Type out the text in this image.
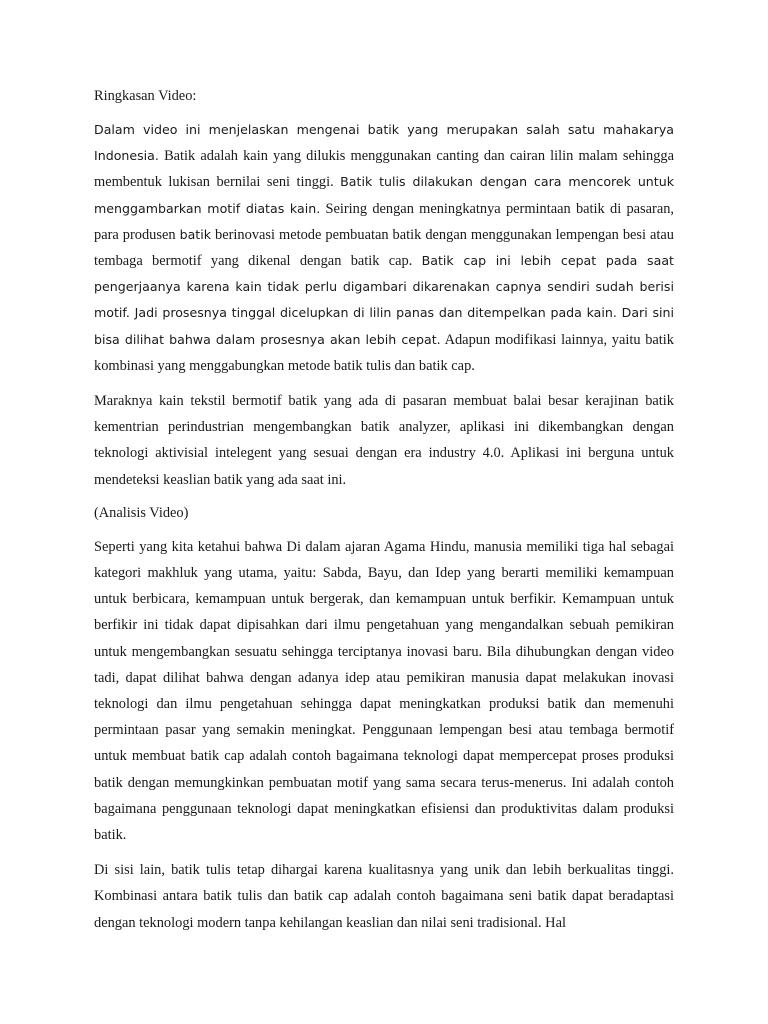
Ringkasan Video:

Dalam video ini menjelaskan mengenai batik yang merupakan salah satu mahakarya Indonesia. Batik adalah kain yang dilukis menggunakan canting dan cairan lilin malam sehingga membentuk lukisan bernilai seni tinggi. Batik tulis dilakukan dengan cara mencorek untuk menggambarkan motif diatas kain. Seiring dengan meningkatnya permintaan batik di pasaran, para produsen batik berinovasi metode pembuatan batik dengan menggunakan lempengan besi atau tembaga bermotif yang dikenal dengan batik cap. Batik cap ini lebih cepat pada saat pengerjaanya karena kain tidak perlu digambari dikarenakan capnya sendiri sudah berisi motif. Jadi prosesnya tinggal dicelupkan di lilin panas dan ditempelkan pada kain. Dari sini bisa dilihat bahwa dalam prosesnya akan lebih cepat. Adapun modifikasi lainnya, yaitu batik kombinasi yang menggabungkan metode batik tulis dan batik cap.

Maraknya kain tekstil bermotif batik yang ada di pasaran membuat balai besar kerajinan batik kementrian perindustrian mengembangkan batik analyzer, aplikasi ini dikembangkan dengan teknologi aktivisial intelegent yang sesuai dengan era industry 4.0. Aplikasi ini berguna untuk mendeteksi keaslian batik yang ada saat ini.

(Analisis Video)

Seperti yang kita ketahui bahwa Di dalam ajaran Agama Hindu, manusia memiliki tiga hal sebagai kategori makhluk yang utama, yaitu: Sabda, Bayu, dan Idep yang berarti memiliki kemampuan untuk berbicara, kemampuan untuk bergerak, dan kemampuan untuk berfikir. Kemampuan untuk berfikir ini tidak dapat dipisahkan dari ilmu pengetahuan yang mengandalkan sebuah pemikiran untuk mengembangkan sesuatu sehingga terciptanya inovasi baru. Bila dihubungkan dengan video tadi, dapat dilihat bahwa dengan adanya idep atau pemikiran manusia dapat melakukan inovasi teknologi dan ilmu pengetahuan sehingga dapat meningkatkan produksi batik dan memenuhi permintaan pasar yang semakin meningkat. Penggunaan lempengan besi atau tembaga bermotif untuk membuat batik cap adalah contoh bagaimana teknologi dapat mempercepat proses produksi batik dengan memungkinkan pembuatan motif yang sama secara terus-menerus. Ini adalah contoh bagaimana penggunaan teknologi dapat meningkatkan efisiensi dan produktivitas dalam produksi batik.

Di sisi lain, batik tulis tetap dihargai karena kualitasnya yang unik dan lebih berkualitas tinggi. Kombinasi antara batik tulis dan batik cap adalah contoh bagaimana seni batik dapat beradaptasi dengan teknologi modern tanpa kehilangan keaslian dan nilai seni tradisional. Hal
